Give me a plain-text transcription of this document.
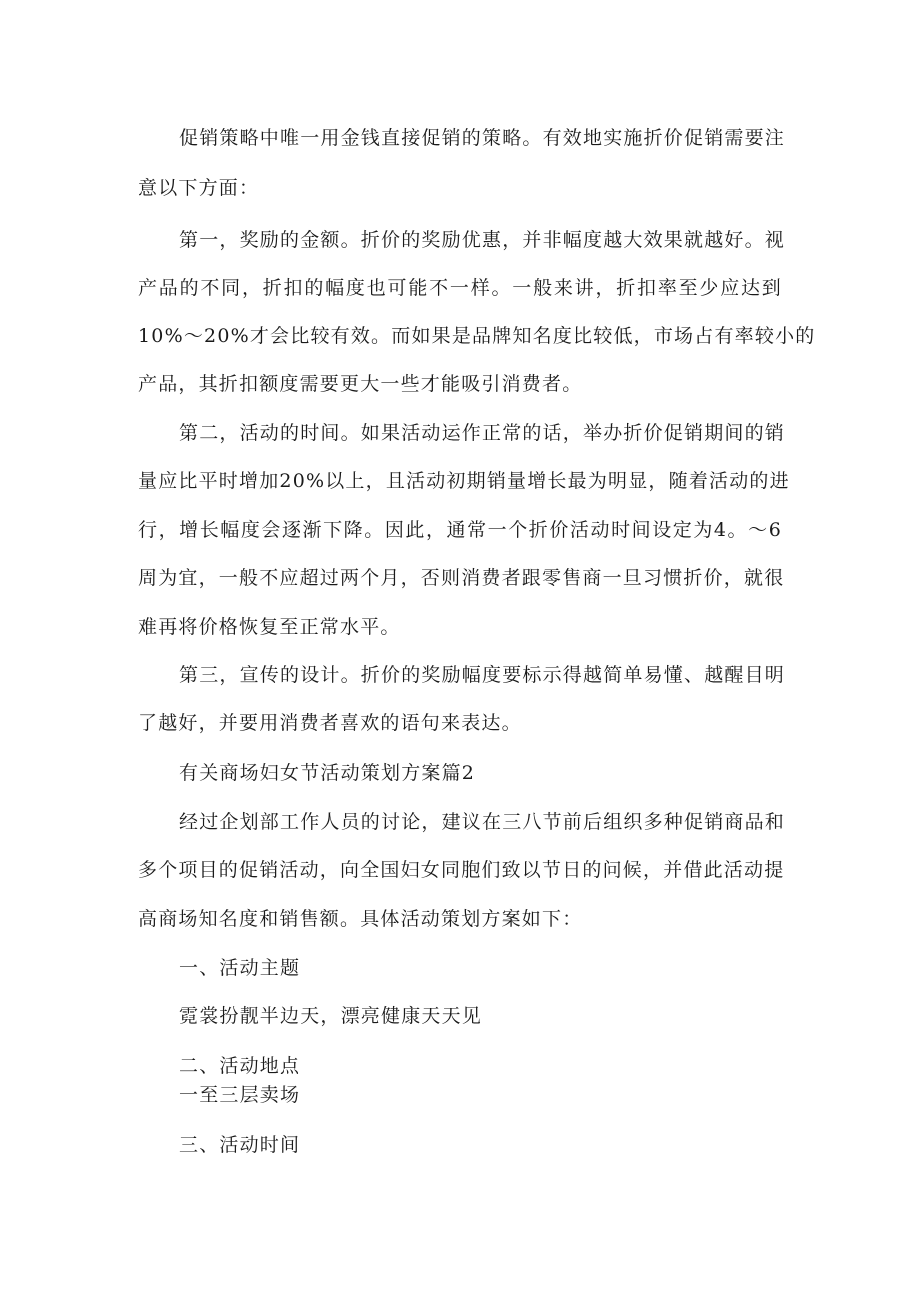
促销策略中唯一用金钱直接促销的策略。有效地实施折价促销需要注
意以下方面：
第一，奖励的金额。折价的奖励优惠，并非幅度越大效果就越好。视
产品的不同，折扣的幅度也可能不一样。一般来讲，折扣率至少应达到
10%～20%才会比较有效。而如果是品牌知名度比较低，市场占有率较小的
产品，其折扣额度需要更大一些才能吸引消费者。
第二，活动的时间。如果活动运作正常的话，举办折价促销期间的销
量应比平时增加20%以上，且活动初期销量增长最为明显，随着活动的进
行，增长幅度会逐渐下降。因此，通常一个折价活动时间设定为4。～6
周为宜，一般不应超过两个月，否则消费者跟零售商一旦习惯折价，就很
难再将价格恢复至正常水平。
第三，宣传的设计。折价的奖励幅度要标示得越简单易懂、越醒目明
了越好，并要用消费者喜欢的语句来表达。
有关商场妇女节活动策划方案篇2
经过企划部工作人员的讨论，建议在三八节前后组织多种促销商品和
多个项目的促销活动，向全国妇女同胞们致以节日的问候，并借此活动提
高商场知名度和销售额。具体活动策划方案如下：
一、活动主题
霓裳扮靓半边天，漂亮健康天天见
二、活动地点
一至三层卖场
三、活动时间
